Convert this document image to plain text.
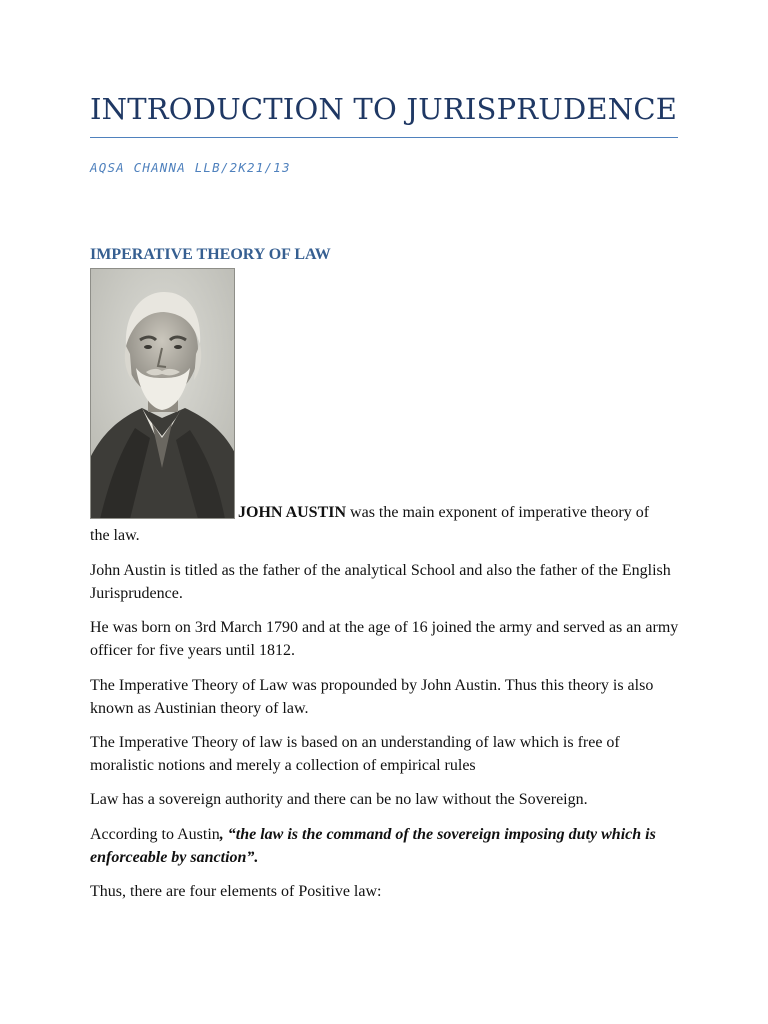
INTRODUCTION TO JURISPRUDENCE
AQSA CHANNA LLB/2K21/13
IMPERATIVE THEORY OF LAW
JOHN AUSTIN was the main exponent of imperative theory of
the law.

John Austin is titled as the father of the analytical School and also the father of the English Jurisprudence.

He was born on 3rd March 1790 and at the age of 16 joined the army and served as an army officer for five years until 1812.

The Imperative Theory of Law was propounded by John Austin. Thus this theory is also known as Austinian theory of law.

The Imperative Theory of law is based on an understanding of law which is free of moralistic notions and merely a collection of empirical rules

Law has a sovereign authority and there can be no law without the Sovereign.

According to Austin, “the law is the command of the sovereign imposing duty which is enforceable by sanction”.

Thus, there are four elements of Positive law:
